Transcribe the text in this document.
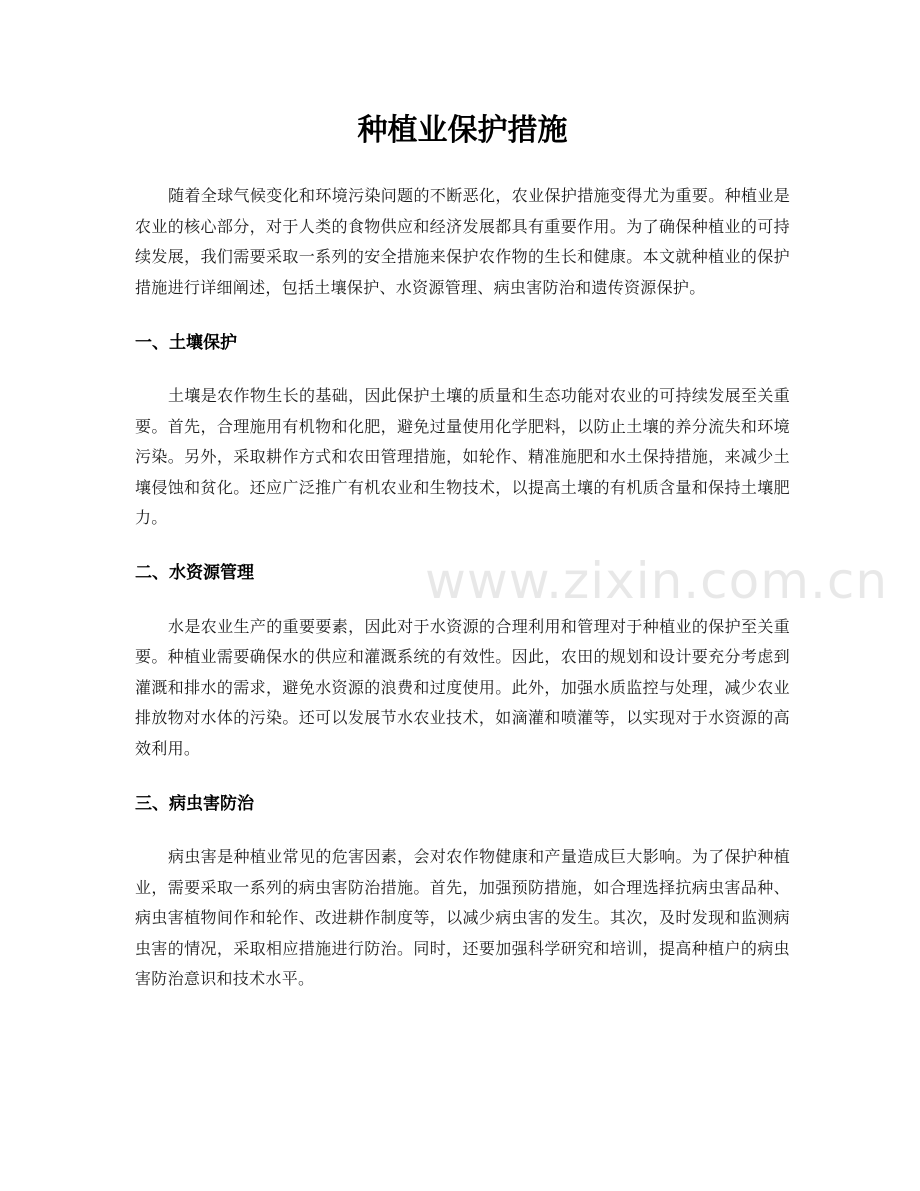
种植业保护措施

随着全球气候变化和环境污染问题的不断恶化，农业保护措施变得尤为重要。种植业是农业的核心部分，对于人类的食物供应和经济发展都具有重要作用。为了确保种植业的可持续发展，我们需要采取一系列的安全措施来保护农作物的生长和健康。本文就种植业的保护措施进行详细阐述，包括土壤保护、水资源管理、病虫害防治和遗传资源保护。

一、土壤保护

土壤是农作物生长的基础，因此保护土壤的质量和生态功能对农业的可持续发展至关重要。首先，合理施用有机物和化肥，避免过量使用化学肥料，以防止土壤的养分流失和环境污染。另外，采取耕作方式和农田管理措施，如轮作、精准施肥和水土保持措施，来减少土壤侵蚀和贫化。还应广泛推广有机农业和生物技术，以提高土壤的有机质含量和保持土壤肥力。

二、水资源管理

水是农业生产的重要要素，因此对于水资源的合理利用和管理对于种植业的保护至关重要。种植业需要确保水的供应和灌溉系统的有效性。因此，农田的规划和设计要充分考虑到灌溉和排水的需求，避免水资源的浪费和过度使用。此外，加强水质监控与处理，减少农业排放物对水体的污染。还可以发展节水农业技术，如滴灌和喷灌等，以实现对于水资源的高效利用。

三、病虫害防治

病虫害是种植业常见的危害因素，会对农作物健康和产量造成巨大影响。为了保护种植业，需要采取一系列的病虫害防治措施。首先，加强预防措施，如合理选择抗病虫害品种、病虫害植物间作和轮作、改进耕作制度等，以减少病虫害的发生。其次，及时发现和监测病虫害的情况，采取相应措施进行防治。同时，还要加强科学研究和培训，提高种植户的病虫害防治意识和技术水平。

www.zixin.com.cn
